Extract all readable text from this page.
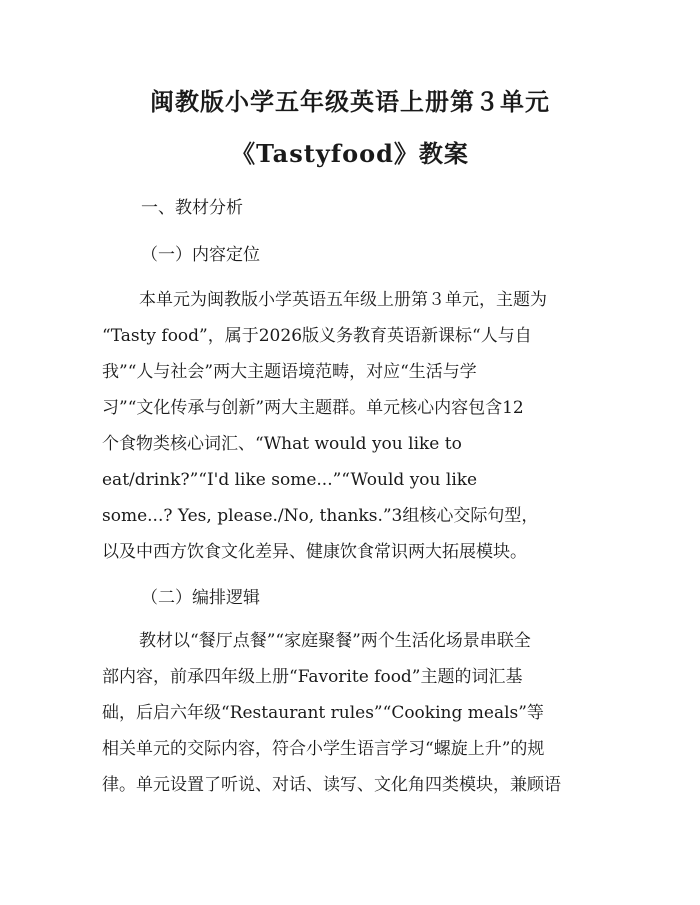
闽教版小学五年级英语上册第３单元
《Tastyfood》教案

一、教材分析

（一）内容定位

本单元为闽教版小学英语五年级上册第３单元，主题为
“Tasty food”，属于2026版义务教育英语新课标“人与自
我”“人与社会”两大主题语境范畴，对应“生活与学
习”“文化传承与创新”两大主题群。单元核心内容包含12
个食物类核心词汇、“What would you like to
eat/drink?”“I'd like some...”“Would you like
some...? Yes, please./No, thanks.”3组核心交际句型，
以及中西方饮食文化差异、健康饮食常识两大拓展模块。

（二）编排逻辑

教材以“餐厅点餐”“家庭聚餐”两个生活化场景串联全
部内容，前承四年级上册“Favorite food”主题的词汇基
础，后启六年级“Restaurant rules”“Cooking meals”等
相关单元的交际内容，符合小学生语言学习“螺旋上升”的规
律。单元设置了听说、对话、读写、文化角四类模块，兼顾语
